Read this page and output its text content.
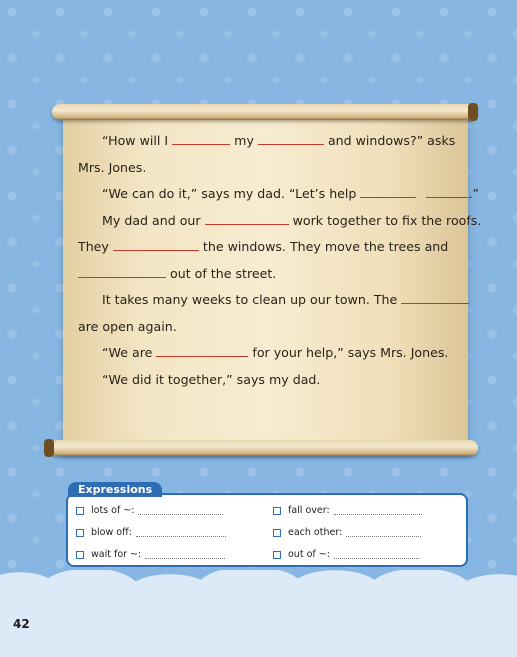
“How will I	my	and windows?” asks
Mrs. Jones.
“We can do it,” says my dad. “Let’s help	.”
My dad and our	work together to fix the roofs.
They	the windows. They move the trees and
out of the street.
It takes many weeks to clean up our town. The
are open again.
“We are	for your help,” says Mrs. Jones.
“We did it together,” says my dad.
lots of ~:	fall over:
blow off:	each other:
wait for ~:	out of ~:
Expressions
42
